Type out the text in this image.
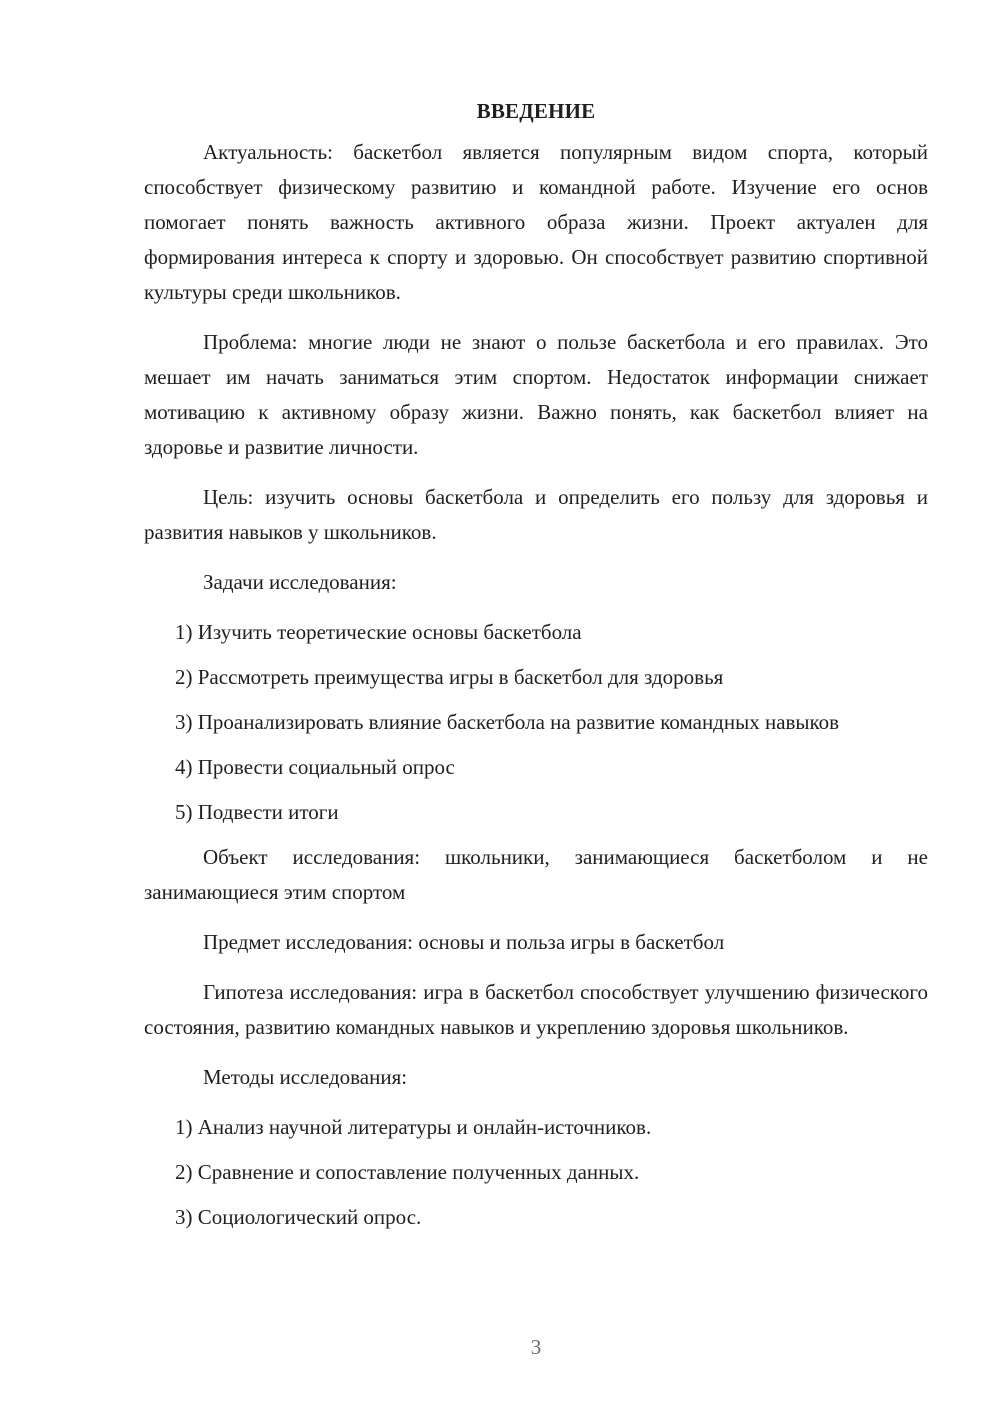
ВВЕДЕНИЕ

Актуальность: баскетбол является популярным видом спорта, который способствует физическому развитию и командной работе. Изучение его основ помогает понять важность активного образа жизни. Проект актуален для формирования интереса к спорту и здоровью. Он способствует развитию спортивной культуры среди школьников.

Проблема: многие люди не знают о пользе баскетбола и его правилах. Это мешает им начать заниматься этим спортом. Недостаток информации снижает мотивацию к активному образу жизни. Важно понять, как баскетбол влияет на здоровье и развитие личности.

Цель: изучить основы баскетбола и определить его пользу для здоровья и развития навыков у школьников.

Задачи исследования:

1) Изучить теоретические основы баскетбола

2) Рассмотреть преимущества игры в баскетбол для здоровья

3) Проанализировать влияние баскетбола на развитие командных навыков

4) Провести социальный опрос

5) Подвести итоги

Объект исследования: школьники, занимающиеся баскетболом и не занимающиеся этим спортом

Предмет исследования: основы и польза игры в баскетбол

Гипотеза исследования: игра в баскетбол способствует улучшению физического состояния, развитию командных навыков и укреплению здоровья школьников.

Методы исследования:

1) Анализ научной литературы и онлайн-источников.

2) Сравнение и сопоставление полученных данных.

3) Социологический опрос.

3
